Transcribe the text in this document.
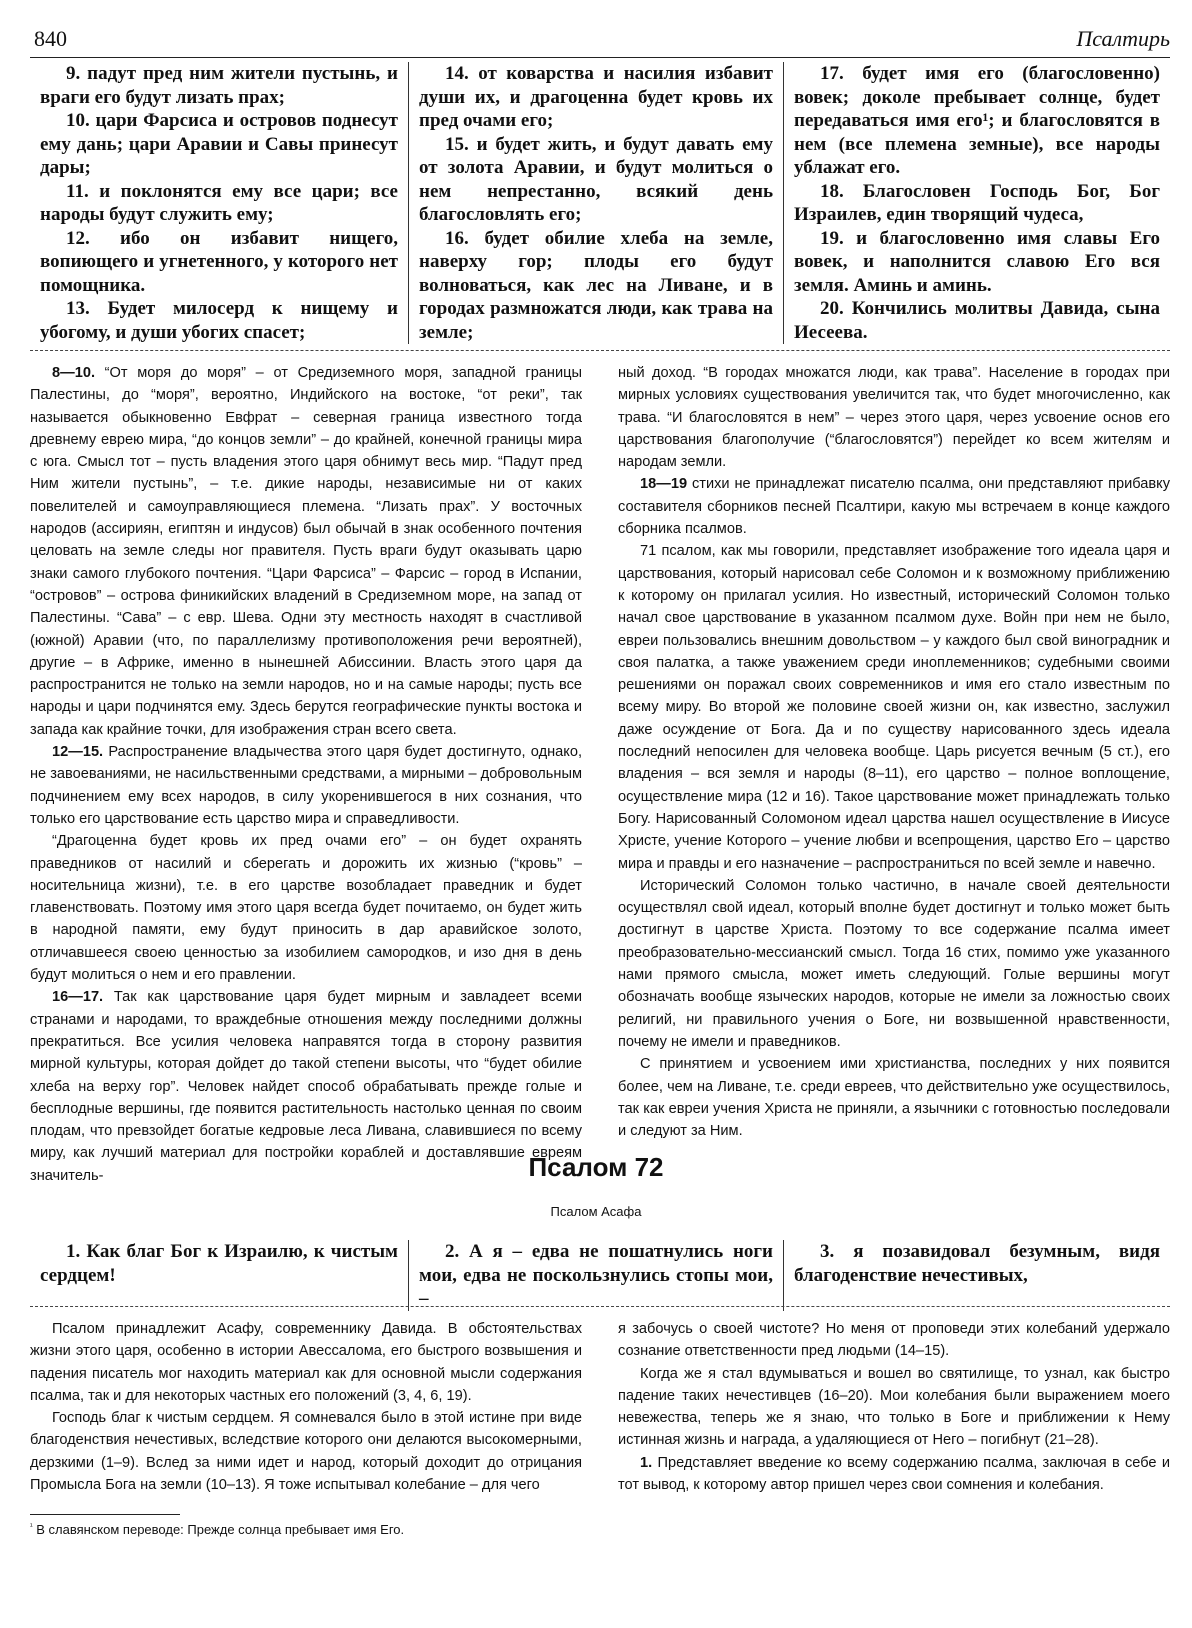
840	Псалтирь

9. падут пред ним жители пустынь, и враги его будут лизать прах;

10. цари Фарсиса и островов поднесут ему дань; цари Аравии и Савы принесут дары;

11. и поклонятся ему все цари; все народы будут служить ему;

12. ибо он избавит нищего, вопиющего и угнетенного, у которого нет помощника.

13. Будет милосерд к нищему и убогому, и души убогих спасет;

14. от коварства и насилия избавит души их, и драгоценна будет кровь их пред очами его;

15. и будет жить, и будут давать ему от золота Аравии, и будут молиться о нем непрестанно, всякий день благословлять его;

16. будет обилие хлеба на земле, наверху гор; плоды его будут волноваться, как лес на Ливане, и в городах размножатся люди, как трава на земле;

17. будет имя его (благословенно) вовек; доколе пребывает солнце, будет передаваться имя его¹; и благословятся в нем (все племена земные), все народы ублажат его.

18. Благословен Господь Бог, Бог Израилев, един творящий чудеса,

19. и благословенно имя славы Его вовек, и наполнится славою Его вся земля. Аминь и аминь.

20. Кончились молитвы Давида, сына Иесеева.

8—10. “От моря до моря” – от Средиземного моря, западной границы Палестины, до “моря”, вероятно, Индийского на востоке, “от реки”, так называется обыкновенно Евфрат – северная граница известного тогда древнему еврею мира, “до концов земли” – до крайней, конечной границы мира с юга. Смысл тот – пусть владения этого царя обнимут весь мир. “Падут пред Ним жители пустынь”, – т.е. дикие народы, независимые ни от каких повелителей и самоуправляющиеся племена. “Лизать прах”. У восточных народов (ассириян, египтян и индусов) был обычай в знак особенного почтения целовать на земле следы ног правителя. Пусть враги будут оказывать царю знаки самого глубокого почтения. “Цари Фарсиса” – Фарсис – город в Испании, “островов” – острова финикийских владений в Средиземном море, на запад от Палестины. “Сава” – с евр. Шева. Одни эту местность находят в счастливой (южной) Аравии (что, по параллелизму противоположения речи вероятней), другие – в Африке, именно в нынешней Абиссинии. Власть этого царя да распространится не только на земли народов, но и на самые народы; пусть все народы и цари подчинятся ему. Здесь берутся географические пункты востока и запада как крайние точки, для изображения стран всего света.

12—15. Распространение владычества этого царя будет достигнуто, однако, не завоеваниями, не насильственными средствами, а мирными – добровольным подчинением ему всех народов, в силу укоренившегося в них сознания, что только его царствование есть царство мира и справедливости.

“Драгоценна будет кровь их пред очами его” – он будет охранять праведников от насилий и сберегать и дорожить их жизнью (“кровь” – носительница жизни), т.е. в его царстве возобладает праведник и будет главенствовать. Поэтому имя этого царя всегда будет почитаемо, он будет жить в народной памяти, ему будут приносить в дар аравийское золото, отличавшееся своею ценностью за изобилием самородков, и изо дня в день будут молиться о нем и его правлении.

16—17. Так как царствование царя будет мирным и завладеет всеми странами и народами, то враждебные отношения между последними должны прекратиться. Все усилия человека направятся тогда в сторону развития мирной культуры, которая дойдет до такой степени высоты, что “будет обилие хлеба на верху гор”. Человек найдет способ обрабатывать прежде голые и бесплодные вершины, где появится растительность настолько ценная по своим плодам, что превзойдет богатые кедровые леса Ливана, славившиеся по всему миру, как лучший материал для постройки кораблей и доставлявшие евреям значитель-

ный доход. “В городах множатся люди, как трава”. Население в городах при мирных условиях существования увеличится так, что будет многочисленно, как трава. “И благословятся в нем” – через этого царя, через усвоение основ его царствования благополучие (“благословятся”) перейдет ко всем жителям и народам земли.

18—19 стихи не принадлежат писателю псалма, они представляют прибавку составителя сборников песней Псалтири, какую мы встречаем в конце каждого сборника псалмов.

71 псалом, как мы говорили, представляет изображение того идеала царя и царствования, который нарисовал себе Соломон и к возможному приближению к которому он прилагал усилия. Но известный, исторический Соломон только начал свое царствование в указанном псалмом духе. Войн при нем не было, евреи пользовались внешним довольством – у каждого был свой виноградник и своя палатка, а также уважением среди иноплеменников; судебными своими решениями он поражал своих современников и имя его стало известным по всему миру. Во второй же половине своей жизни он, как известно, заслужил даже осуждение от Бога. Да и по существу нарисованного здесь идеала последний непосилен для человека вообще. Царь рисуется вечным (5 ст.), его владения – вся земля и народы (8–11), его царство – полное воплощение, осуществление мира (12 и 16). Такое царствование может принадлежать только Богу. Нарисованный Соломоном идеал царства нашел осуществление в Иисусе Христе, учение Которого – учение любви и всепрощения, царство Его – царство мира и правды и его назначение – распространиться по всей земле и навечно.

Исторический Соломон только частично, в начале своей деятельности осуществлял свой идеал, который вполне будет достигнут и только может быть достигнут в царстве Христа. Поэтому то все содержание псалма имеет преобразовательно-мессианский смысл. Тогда 16 стих, помимо уже указанного нами прямого смысла, может иметь следующий. Голые вершины могут обозначать вообще языческих народов, которые не имели за ложностью своих религий, ни правильного учения о Боге, ни возвышенной нравственности, почему не имели и праведников.

С принятием и усвоением ими христианства, последних у них появится более, чем на Ливане, т.е. среди евреев, что действительно уже осуществилось, так как евреи учения Христа не приняли, а язычники с готовностью последовали и следуют за Ним.

Псалом 72
Псалом Асафа

1. Как благ Бог к Израилю, к чистым сердцем!

2. А я – едва не пошатнулись ноги мои, едва не поскользнулись стопы мои, –

3. я позавидовал безумным, видя благоденствие нечестивых,

Псалом принадлежит Асафу, современнику Давида. В обстоятельствах жизни этого царя, особенно в истории Авессалома, его быстрого возвышения и падения писатель мог находить материал как для основной мысли содержания псалма, так и для некоторых частных его положений (3, 4, 6, 19).

Господь благ к чистым сердцем. Я сомневался было в этой истине при виде благоденствия нечестивых, вследствие которого они делаются высокомерными, дерзкими (1–9). Вслед за ними идет и народ, который доходит до отрицания Промысла Бога на земли (10–13). Я тоже испытывал колебание – для чего

я забочусь о своей чистоте? Но меня от проповеди этих колебаний удержало сознание ответственности пред людьми (14–15).

Когда же я стал вдумываться и вошел во святилище, то узнал, как быстро падение таких нечестивцев (16–20). Мои колебания были выражением моего невежества, теперь же я знаю, что только в Боге и приближении к Нему истинная жизнь и награда, а удаляющиеся от Него – погибнут (21–28).

1. Представляет введение ко всему содержанию псалма, заключая в себе и тот вывод, к которому автор пришел через свои сомнения и колебания.

$^{^1}$ В славянском переводе: Прежде солнца пребывает имя Его.
